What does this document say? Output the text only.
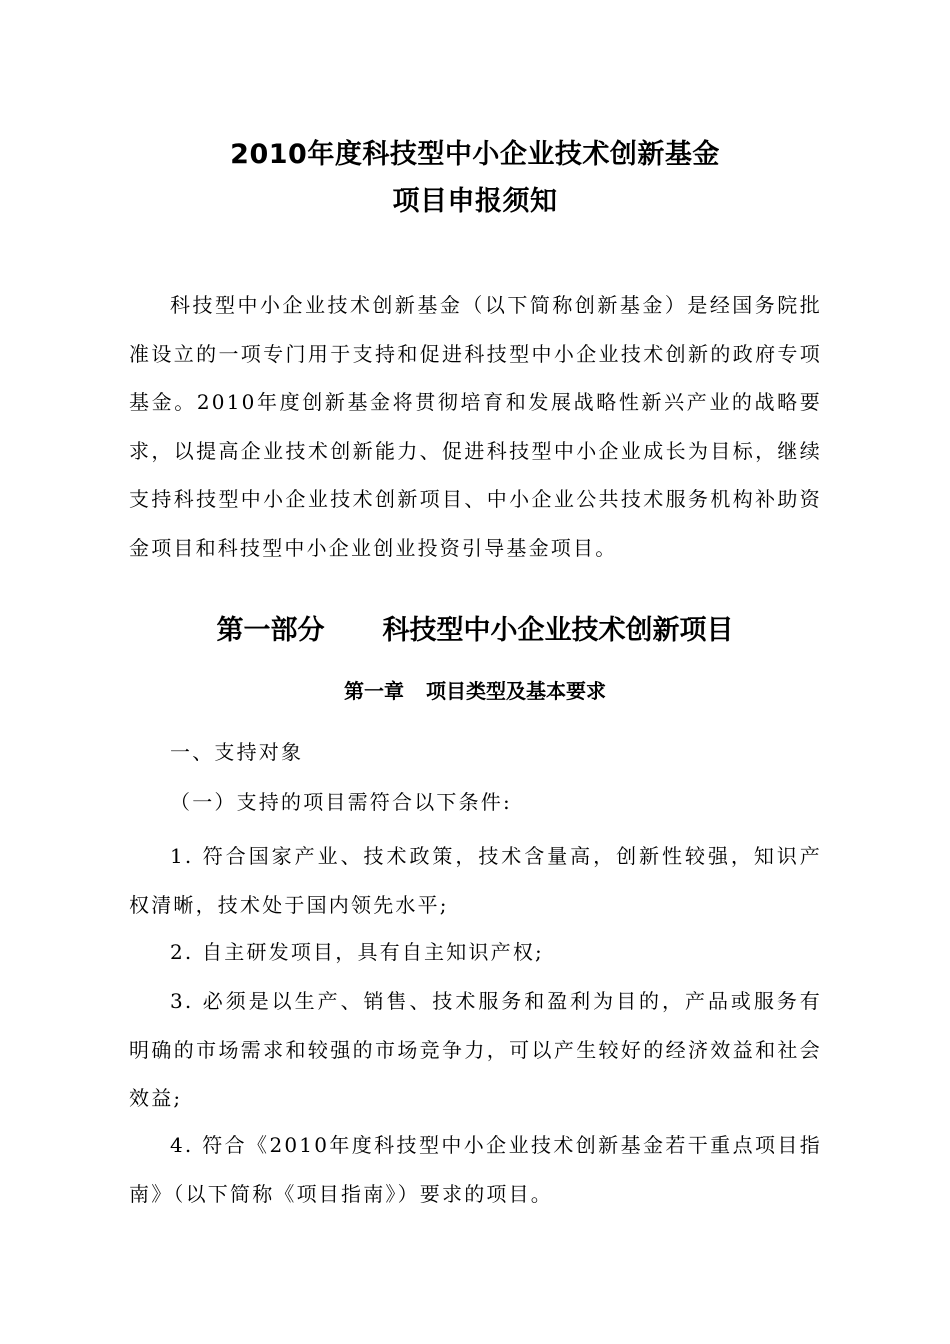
2010年度科技型中小企业技术创新基金
项目申报须知

科技型中小企业技术创新基金（以下简称创新基金）是经国务院批准设立的一项专门用于支持和促进科技型中小企业技术创新的政府专项基金。2010年度创新基金将贯彻培育和发展战略性新兴产业的战略要求，以提高企业技术创新能力、促进科技型中小企业成长为目标，继续支持科技型中小企业技术创新项目、中小企业公共技术服务机构补助资金项目和科技型中小企业创业投资引导基金项目。

第一部分 科技型中小企业技术创新项目
第一章 项目类型及基本要求
一、支持对象
（一）支持的项目需符合以下条件:

1. 符合国家产业、技术政策，技术含量高，创新性较强，知识产权清晰，技术处于国内领先水平;

2. 自主研发项目，具有自主知识产权;

3. 必须是以生产、销售、技术服务和盈利为目的，产品或服务有明确的市场需求和较强的市场竞争力，可以产生较好的经济效益和社会效益;

4. 符合《2010年度科技型中小企业技术创新基金若干重点项目指南》（以下简称《项目指南》）要求的项目。
